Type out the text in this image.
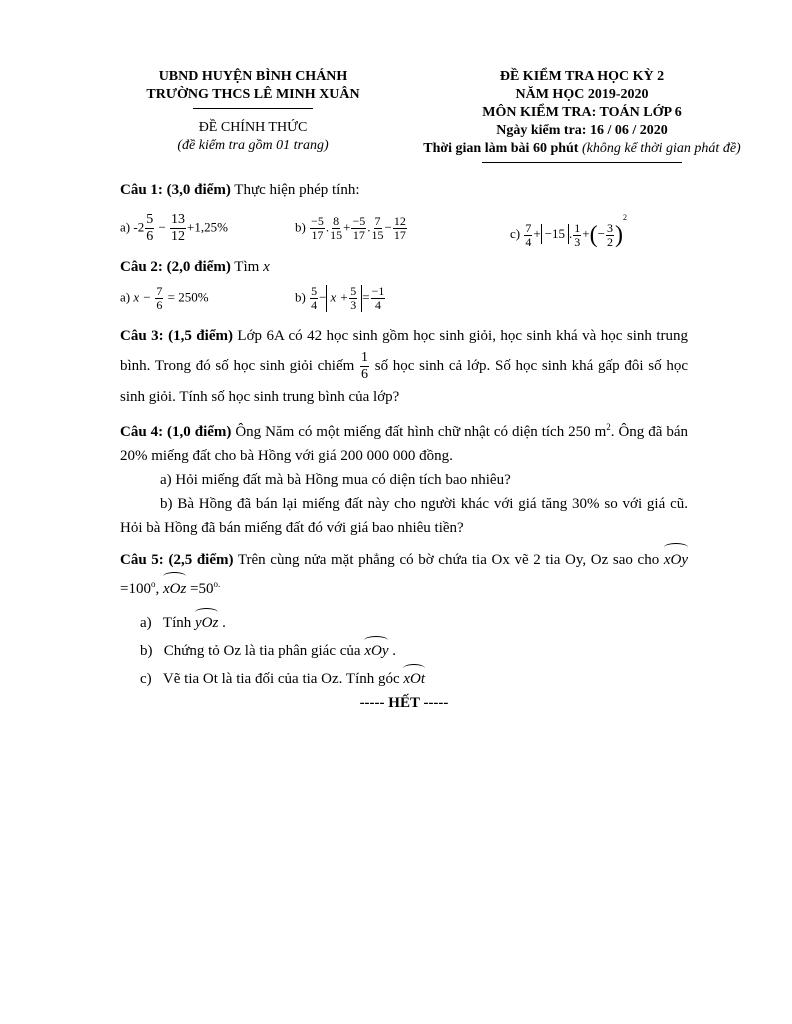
UBND HUYỆN BÌNH CHÁNH
TRƯỜNG THCS LÊ MINH XUÂN
ĐỀ CHÍNH THỨC
(đề kiểm tra gồm 01 trang)
ĐỀ KIỂM TRA HỌC KỲ 2
NĂM HỌC 2019-2020
MÔN KIỂM TRA: TOÁN LỚP 6
Ngày kiểm tra: 16 / 06 / 2020
Thời gian làm bài 60 phút (không kể thời gian phát đề)

Câu 1: (3,0 điểm) Thực hiện phép tính:

a) $-2 \frac{5}{6} - \frac{13}{12} +1,25\%$	$b) \frac{-5}{17}$ . $\frac{8}{15} + \frac{-5}{17}$ . $\frac{7}{15} - \frac{12}{17}$	$c) \frac{7}{4} + -15$ . $\frac{1}{3}$ +(− $\frac{3}{2} )^2$

Câu 2: (2,0 điểm) Tìm x

a) $x - \frac{7}{6} = 250\%$	$b) \frac{5}{4} - x + \frac{5}{3} = \frac{-1}{4}$

Câu 3: (1,5 điểm) Lớp 6A có 42 học sinh gồm học sinh giỏi, học sinh khá và học sinh trung bình. Trong đó số học sinh giỏi chiếm $\frac{1}{6}$ số học sinh cả lớp. Số học sinh khá gấp đôi số học sinh giỏi. Tính số học sinh trung bình của lớp?

Câu 4: (1,0 điểm) Ông Năm có một miếng đất hình chữ nhật có diện tích 250 $m^2$. Ông đã bán 20% miếng đất cho bà Hồng với giá 200 000 000 đồng.

a) Hỏi miếng đất mà bà Hồng mua có diện tích bao nhiêu?

b) Bà Hồng đã bán lại miếng đất này cho người khác với giá tăng 30% so với giá cũ. Hỏi bà Hồng đã bán miếng đất đó với giá bao nhiêu tiền?

Câu 5: (2,5 điểm) Trên cùng nửa mặt phẳng có bờ chứa tia Ox vẽ 2 tia Oy, Oz sao cho xOy $=100^o$, xOz $=50^{o.}$

a) Tính yOz .
b) Chứng tỏ Oz là tia phân giác của xOy .
c) Vẽ tia Ot là tia đối của tia Oz. Tính góc xOt
----- HẾT -----
